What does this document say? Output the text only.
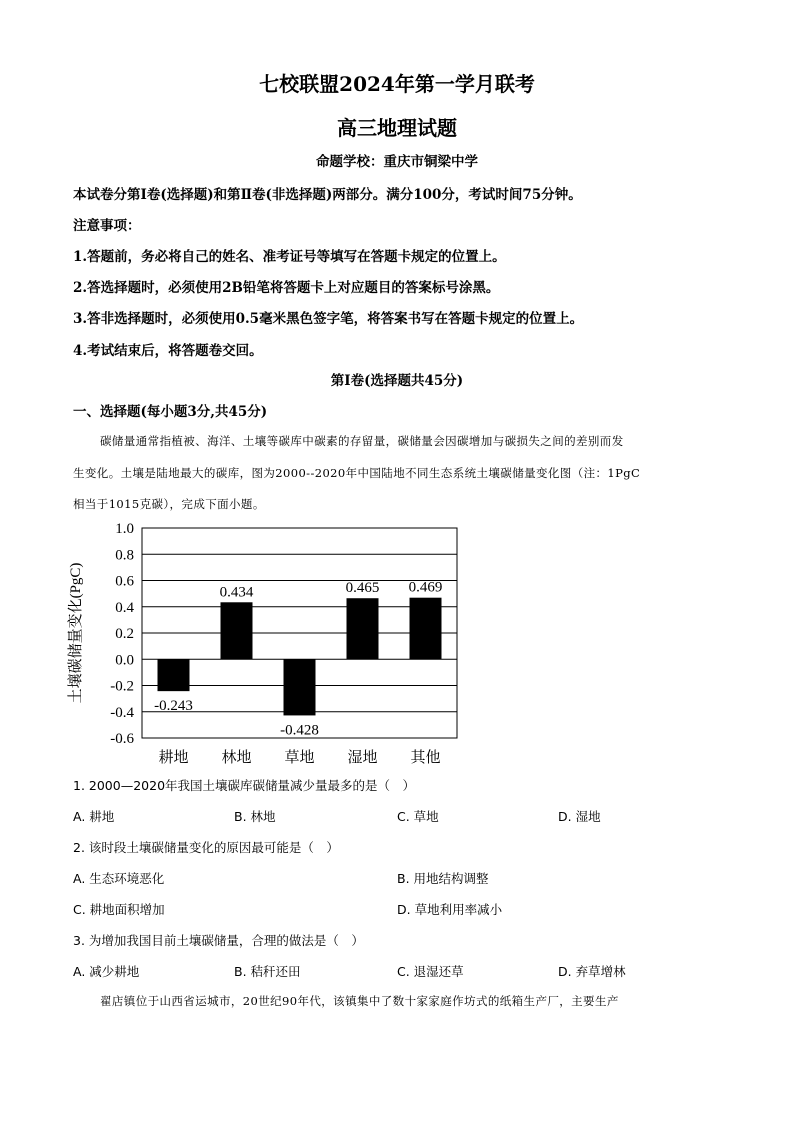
七校联盟2024年第一学月联考
高三地理试题
命题学校：重庆市铜梁中学
本试卷分第Ⅰ卷(选择题)和第Ⅱ卷(非选择题)两部分。满分100分，考试时间75分钟。
注意事项：
1.答题前，务必将自己的姓名、准考证号等填写在答题卡规定的位置上。
2.答选择题时，必须使用2B铅笔将答题卡上对应题目的答案标号涂黑。
3.答非选择题时，必须使用0.5毫米黑色签字笔，将答案书写在答题卡规定的位置上。
4.考试结束后，将答题卷交回。
第Ⅰ卷(选择题共45分)
一、选择题(每小题3分,共45分)
碳储量通常指植被、海洋、土壤等碳库中碳素的存留量，碳储量会因碳增加与碳损失之间的差别而发
生变化。土壤是陆地最大的碳库，图为2000--2020年中国陆地不同生态系统土壤碳储量变化图（注：1PgC
相当于1015克碳），完成下面小题。
1.0
0.8
0.6
0.4
0.2
0.0
-0.2
-0.4
-0.6
-0.243
0.434
-0.428
0.465 0.469
耕地 林地 草地 湿地 其他
土壤碳储量变化(PgC)
1. 2000—2020年我国土壤碳库碳储量减少量最多的是（　）
A. 耕地	B. 林地	C. 草地	D. 湿地
2. 该时段土壤碳储量变化的原因最可能是（　）
A. 生态环境恶化	B. 用地结构调整
C. 耕地面积增加	D. 草地利用率减小
3. 为增加我国目前土壤碳储量，合理的做法是（　）
A. 减少耕地	B. 秸秆还田	C. 退湿还草	D. 弃草增林
翟店镇位于山西省运城市，20世纪90年代，该镇集中了数十家家庭作坊式的纸箱生产厂，主要生产
